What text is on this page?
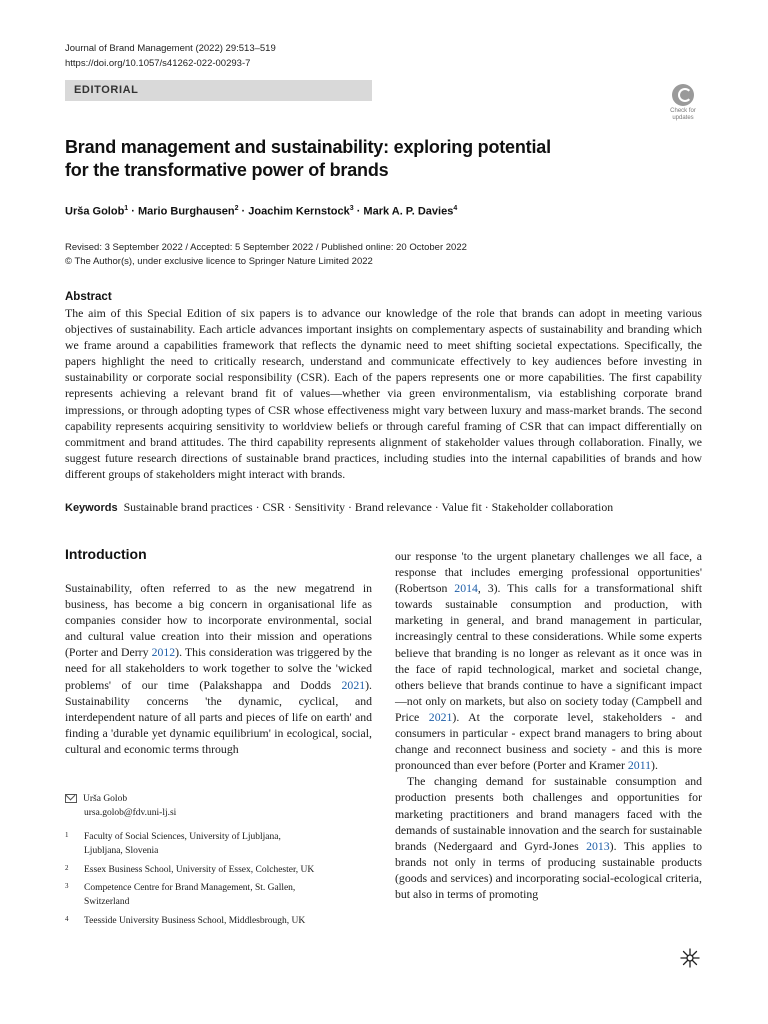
Journal of Brand Management (2022) 29:513–519
https://doi.org/10.1057/s41262-022-00293-7
EDITORIAL
Check for
updates
Brand management and sustainability: exploring potential
for the transformative power of brands
Urša Golob$^1$ · Mario Burghausen$^2$ · Joachim Kernstock$^3$ · Mark A. P. Davies$^4$
Revised: 3 September 2022 / Accepted: 5 September 2022 / Published online: 20 October 2022
© The Author(s), under exclusive licence to Springer Nature Limited 2022
Abstract
The aim of this Special Edition of six papers is to advance our knowledge of the role that brands can adopt in meeting various objectives of sustainability. Each article advances important insights on complementary aspects of sustainability and branding which we frame around a capabilities framework that reflects the dynamic need to meet shifting societal expectations. Specifically, the papers highlight the need to critically research, understand and communicate effectively to key audiences before investing in sustainability or corporate social responsibility (CSR). Each of the papers represents one or more capabilities. The first capability represents achieving a relevant brand fit of values—whether via green environmentalism, via establishing corporate brand impressions, or through adopting types of CSR whose effectiveness might vary between luxury and mass-market brands. The second capability represents acquiring sensitivity to worldview beliefs or through careful framing of CSR that can impact differentially on commitment and brand attitudes. The third capability represents alignment of stakeholder values through collaboration. Finally, we suggest future research directions of sustainable brand practices, including studies into the internal capabilities of brands and how different groups of stakeholders might interact with brands.
Keywords Sustainable brand practices · CSR · Sensitivity · Brand relevance · Value fit · Stakeholder collaboration
Introduction

Sustainability, often referred to as the new megatrend in business, has become a big concern in organisational life as companies consider how to incorporate environmental, social and cultural value creation into their mission and operations (Porter and Derry 2012). This consideration was triggered by the need for all stakeholders to work together to solve the 'wicked problems' of our time (Palakshappa and Dodds 2021). Sustainability concerns 'the dynamic, cyclical, and interdependent nature of all parts and pieces of life on earth' and finding a 'durable yet dynamic equilibrium' in ecological, social, cultural and economic terms through

our response 'to the urgent planetary challenges we all face, a response that includes emerging professional opportunities' (Robertson 2014, 3). This calls for a transformational shift towards sustainable consumption and production, with marketing in general, and brand management in particular, increasingly central to these considerations. While some experts believe that branding is no longer as relevant as it once was in the face of rapid technological, market and societal change, others believe that brands continue to have a significant impact—not only on markets, but also on society today (Campbell and Price 2021). At the corporate level, stakeholders - and consumers in particular - expect brand managers to bring about change and reconnect business and society - and this is more pronounced than ever before (Porter and Kramer 2011).

The changing demand for sustainable consumption and production presents both challenges and opportunities for marketing practitioners and brand managers faced with the demands of sustainable innovation and the search for sustainable brands (Nedergaard and Gyrd-Jones 2013). This applies to brands not only in terms of producing sustainable products (goods and services) and incorporating social-ecological criteria, but also in terms of promoting

Urša Golob
ursa.golob@fdv.uni-lj.si
1	Faculty of Social Sciences, University of Ljubljana,
Ljubljana, Slovenia
2	Essex Business School, University of Essex, Colchester, UK
3	Competence Centre for Brand Management, St. Gallen,
Switzerland
4	Teesside University Business School, Middlesbrough, UK
